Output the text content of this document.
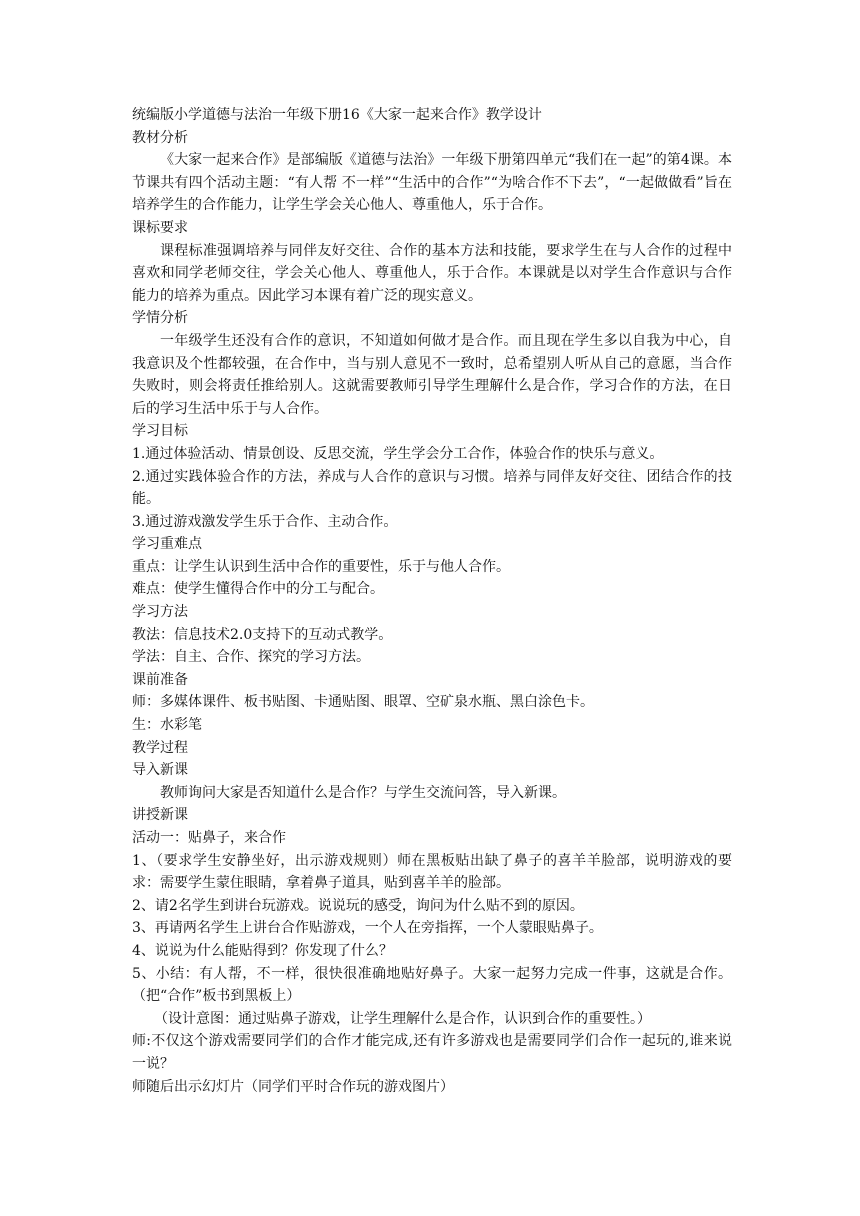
统编版小学道德与法治一年级下册16《大家一起来合作》教学设计

教材分析

《大家一起来合作》是部编版《道德与法治》一年级下册第四单元“我们在一起”的第4课。本节课共有四个活动主题：“有人帮 不一样”“生活中的合作”“为啥合作不下去”，“一起做做看”旨在培养学生的合作能力，让学生学会关心他人、尊重他人，乐于合作。

课标要求

课程标准强调培养与同伴友好交往、合作的基本方法和技能，要求学生在与人合作的过程中喜欢和同学老师交往，学会关心他人、尊重他人，乐于合作。本课就是以对学生合作意识与合作能力的培养为重点。因此学习本课有着广泛的现实意义。

学情分析

一年级学生还没有合作的意识，不知道如何做才是合作。而且现在学生多以自我为中心，自我意识及个性都较强，在合作中，当与别人意见不一致时，总希望别人听从自己的意愿，当合作失败时，则会将责任推给别人。这就需要教师引导学生理解什么是合作，学习合作的方法，在日后的学习生活中乐于与人合作。

学习目标

1.通过体验活动、情景创设、反思交流，学生学会分工合作，体验合作的快乐与意义。

2.通过实践体验合作的方法，养成与人合作的意识与习惯。培养与同伴友好交往、团结合作的技能。

3.通过游戏激发学生乐于合作、主动合作。

学习重难点

重点：让学生认识到生活中合作的重要性，乐于与他人合作。

难点：使学生懂得合作中的分工与配合。

学习方法

教法：信息技术2.0支持下的互动式教学。

学法：自主、合作、探究的学习方法。

课前准备

师：多媒体课件、板书贴图、卡通贴图、眼罩、空矿泉水瓶、黑白涂色卡。

生：水彩笔

教学过程

导入新课

教师询问大家是否知道什么是合作？与学生交流问答，导入新课。

讲授新课

活动一：贴鼻子，来合作

1、（要求学生安静坐好，出示游戏规则）师在黑板贴出缺了鼻子的喜羊羊脸部，说明游戏的要求：需要学生蒙住眼睛，拿着鼻子道具，贴到喜羊羊的脸部。

2、请2名学生到讲台玩游戏。说说玩的感受，询问为什么贴不到的原因。

3、再请两名学生上讲台合作贴游戏，一个人在旁指挥，一个人蒙眼贴鼻子。

4、说说为什么能贴得到？你发现了什么？

5、小结：有人帮，不一样，很快很准确地贴好鼻子。大家一起努力完成一件事，这就是合作。（把“合作”板书到黑板上）

（设计意图：通过贴鼻子游戏，让学生理解什么是合作，认识到合作的重要性。）

师:不仅这个游戏需要同学们的合作才能完成,还有许多游戏也是需要同学们合作一起玩的,谁来说一说？

师随后出示幻灯片（同学们平时合作玩的游戏图片）
